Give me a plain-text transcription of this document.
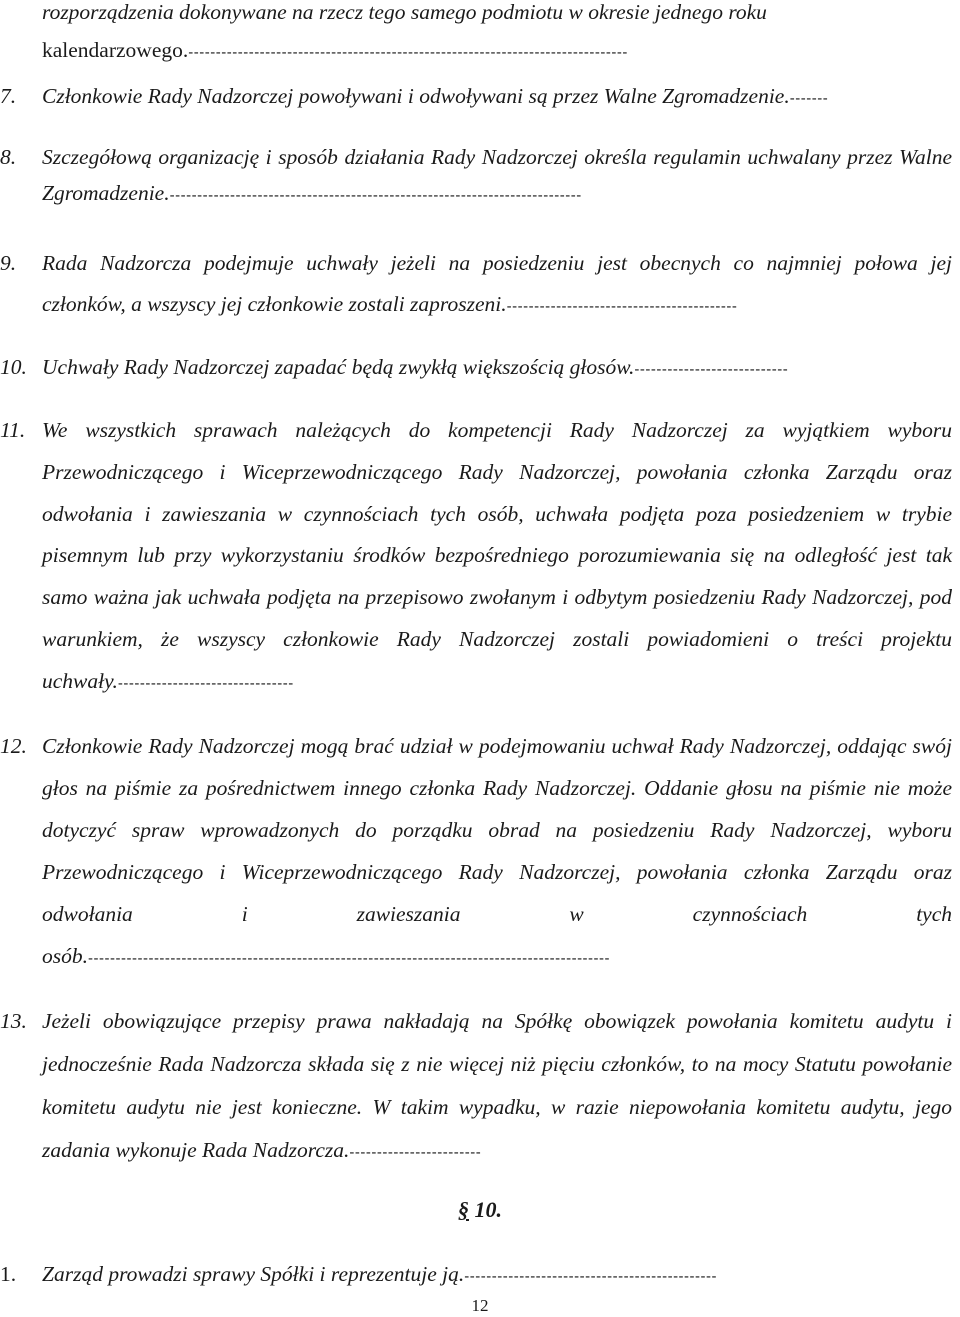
rozporządzenia dokonywane na rzecz tego samego podmiotu w okresie jednego roku
kalendarzowego.--------------------------------------------------------------------------------
7. Członkowie Rady Nadzorczej powoływani i odwoływani są przez Walne Zgromadzenie.-------
8. Szczegółową organizację i sposób działania Rady Nadzorczej określa regulamin uchwalany przez Walne Zgromadzenie.---------------------------------------------------------------------------
9. Rada Nadzorcza podejmuje uchwały jeżeli na posiedzeniu jest obecnych co najmniej połowa jej członków, a wszyscy jej członkowie zostali zaproszeni.------------------------------------------
10. Uchwały Rady Nadzorczej zapadać będą zwykłą większością głosów.----------------------------
11. We wszystkich sprawach należących do kompetencji Rady Nadzorczej za wyjątkiem wyboru Przewodniczącego i Wiceprzewodniczącego Rady Nadzorczej, powołania członka Zarządu oraz odwołania i zawieszania w czynnościach tych osób, uchwała podjęta poza posiedzeniem w trybie pisemnym lub przy wykorzystaniu środków bezpośredniego porozumiewania się na odległość jest tak samo ważna jak uchwała podjęta na przepisowo zwołanym i odbytym posiedzeniu Rady Nadzorczej, pod warunkiem, że wszyscy członkowie Rady Nadzorczej zostali powiadomieni o treści projektu uchwały.--------------------------------
12. Członkowie Rady Nadzorczej mogą brać udział w podejmowaniu uchwał Rady Nadzorczej, oddając swój głos na piśmie za pośrednictwem innego członka Rady Nadzorczej. Oddanie głosu na piśmie nie może dotyczyć spraw wprowadzonych do porządku obrad na posiedzeniu Rady Nadzorczej, wyboru Przewodniczącego i Wiceprzewodniczącego Rady Nadzorczej, powołania członka Zarządu oraz odwołania i zawieszania w czynnościach tych osób.-----------------------------------------------------------------------------------------------
13. Jeżeli obowiązujące przepisy prawa nakładają na Spółkę obowiązek powołania komitetu audytu i jednocześnie Rada Nadzorcza składa się z nie więcej niż pięciu członków, to na mocy Statutu powołanie komitetu audytu nie jest konieczne. W takim wypadku, w razie niepowołania komitetu audytu, jego zadania wykonuje Rada Nadzorcza.------------------------
§ 10.
1. Zarząd prowadzi sprawy Spółki i reprezentuje ją.----------------------------------------------
12
